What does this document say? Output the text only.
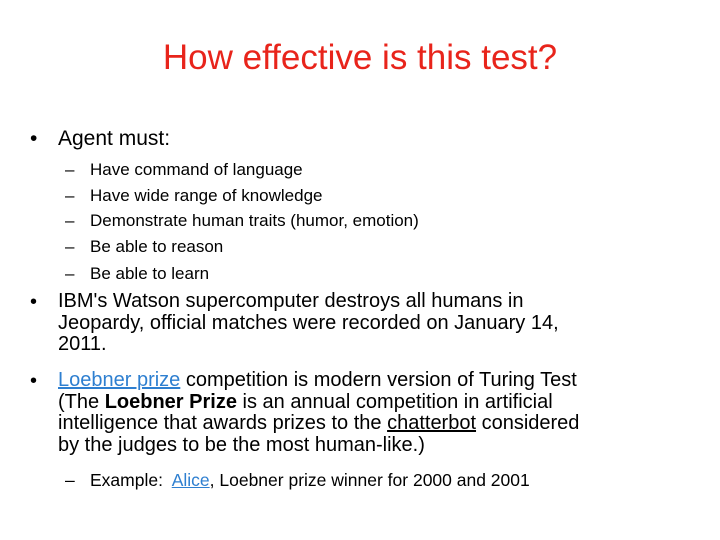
How effective is this test?
• Agent must:
– Have command of language
– Have wide range of knowledge
– Demonstrate human traits (humor, emotion)
– Be able to reason
– Be able to learn
• IBM's Watson supercomputer destroys all humans in
Jeopardy, official matches were recorded on January 14,
2011.
• Loebner prize competition is modern version of Turing Test
(The Loebner Prize is an annual competition in artificial
intelligence that awards prizes to the chatterbot considered
by the judges to be the most human-like.)
– Example:  Alice, Loebner prize winner for 2000 and 2001
